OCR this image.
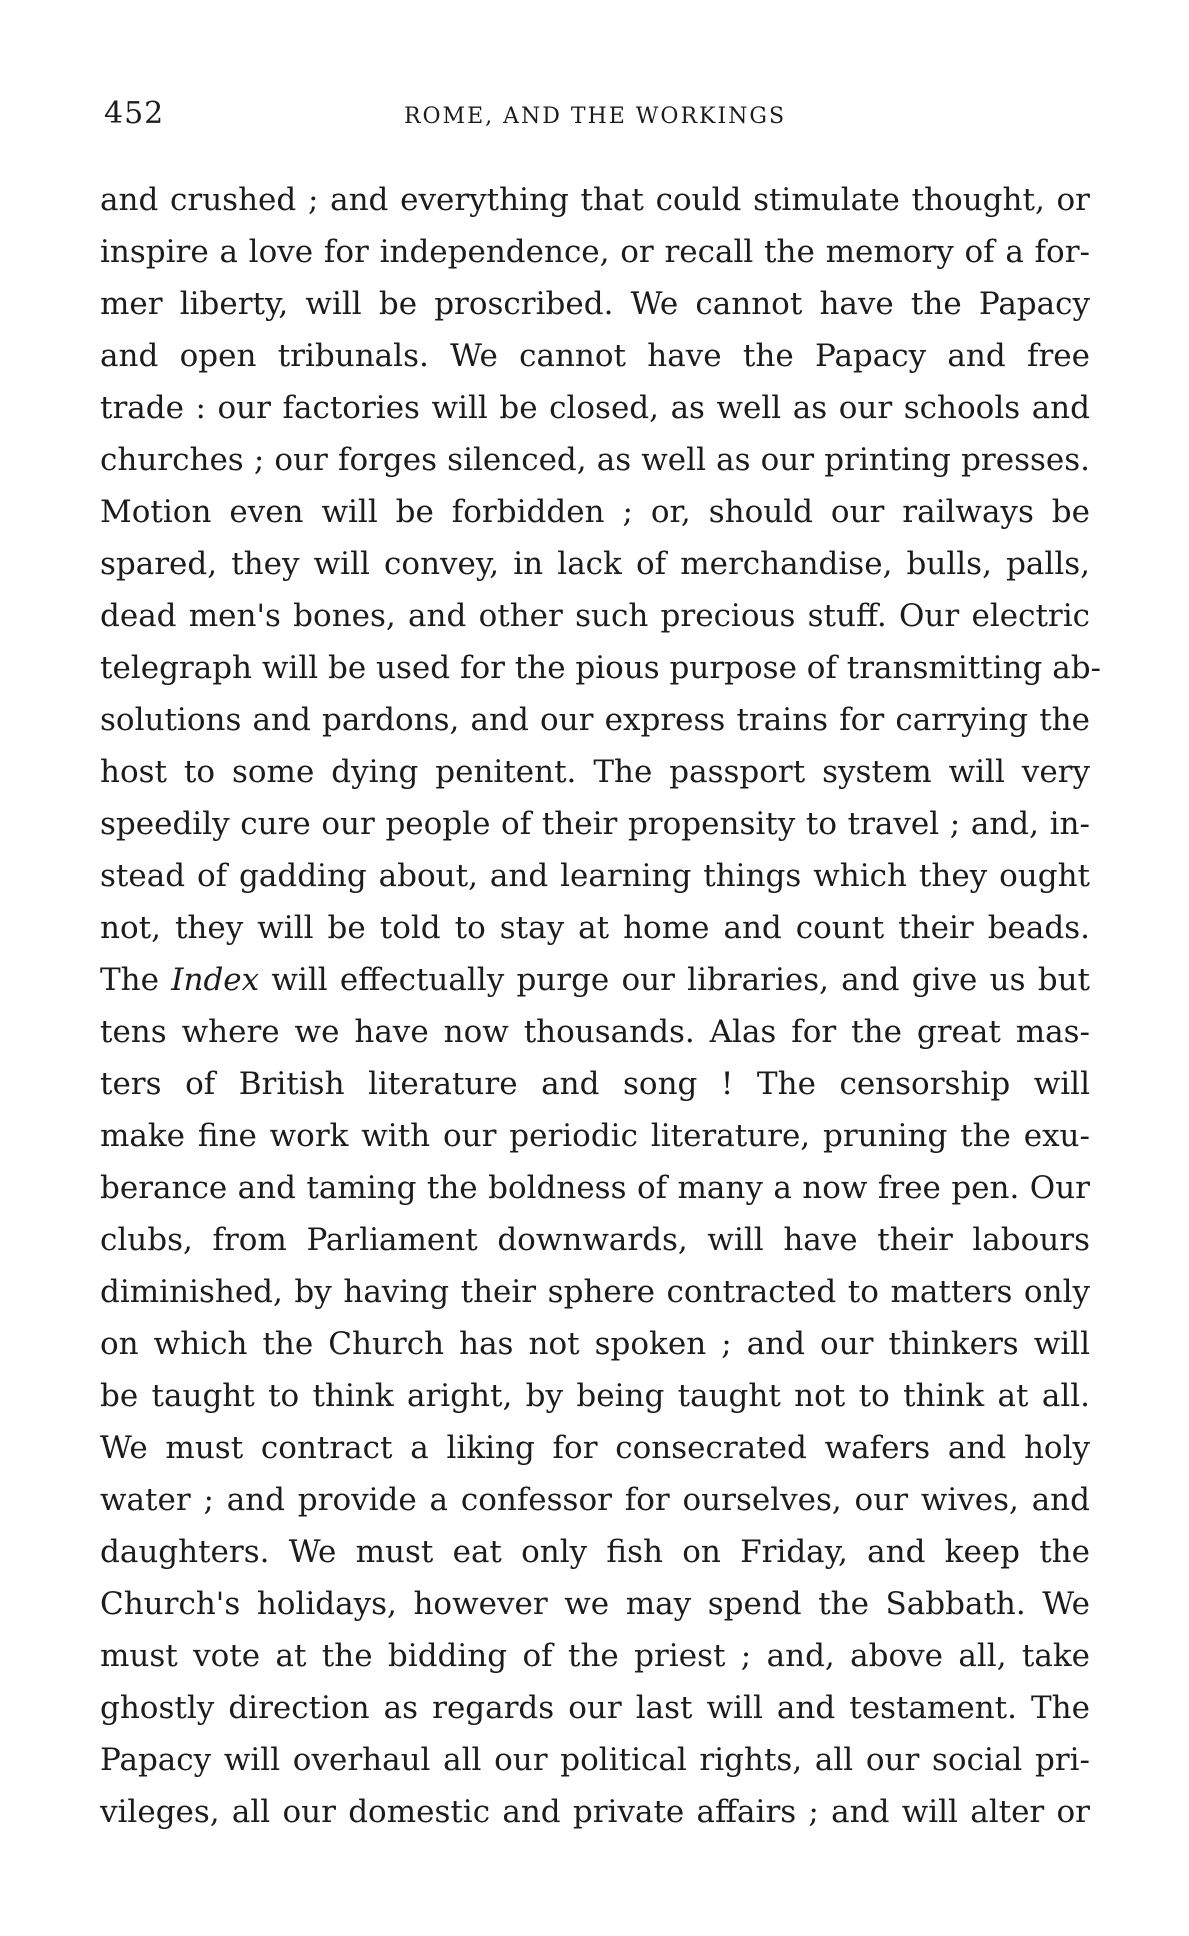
452	ROME, AND THE WORKINGS
and crushed ; and everything that could stimulate thought, or
inspire a love for independence, or recall the memory of a for-
mer liberty, will be proscribed. We cannot have the Papacy
and open tribunals. We cannot have the Papacy and free
trade : our factories will be closed, as well as our schools and
churches ; our forges silenced, as well as our printing presses.
Motion even will be forbidden ; or, should our railways be
spared, they will convey, in lack of merchandise, bulls, palls,
dead men's bones, and other such precious stuff. Our electric
telegraph will be used for the pious purpose of transmitting ab-
solutions and pardons, and our express trains for carrying the
host to some dying penitent. The passport system will very
speedily cure our people of their propensity to travel ; and, in-
stead of gadding about, and learning things which they ought
not, they will be told to stay at home and count their beads.
The Index will effectually purge our libraries, and give us but
tens where we have now thousands. Alas for the great mas-
ters of British literature and song ! The censorship will
make fine work with our periodic literature, pruning the exu-
berance and taming the boldness of many a now free pen. Our
clubs, from Parliament downwards, will have their labours
diminished, by having their sphere contracted to matters only
on which the Church has not spoken ; and our thinkers will
be taught to think aright, by being taught not to think at all.
We must contract a liking for consecrated wafers and holy
water ; and provide a confessor for ourselves, our wives, and
daughters. We must eat only fish on Friday, and keep the
Church's holidays, however we may spend the Sabbath. We
must vote at the bidding of the priest ; and, above all, take
ghostly direction as regards our last will and testament. The
Papacy will overhaul all our political rights, all our social pri-
vileges, all our domestic and private affairs ; and will alter or
